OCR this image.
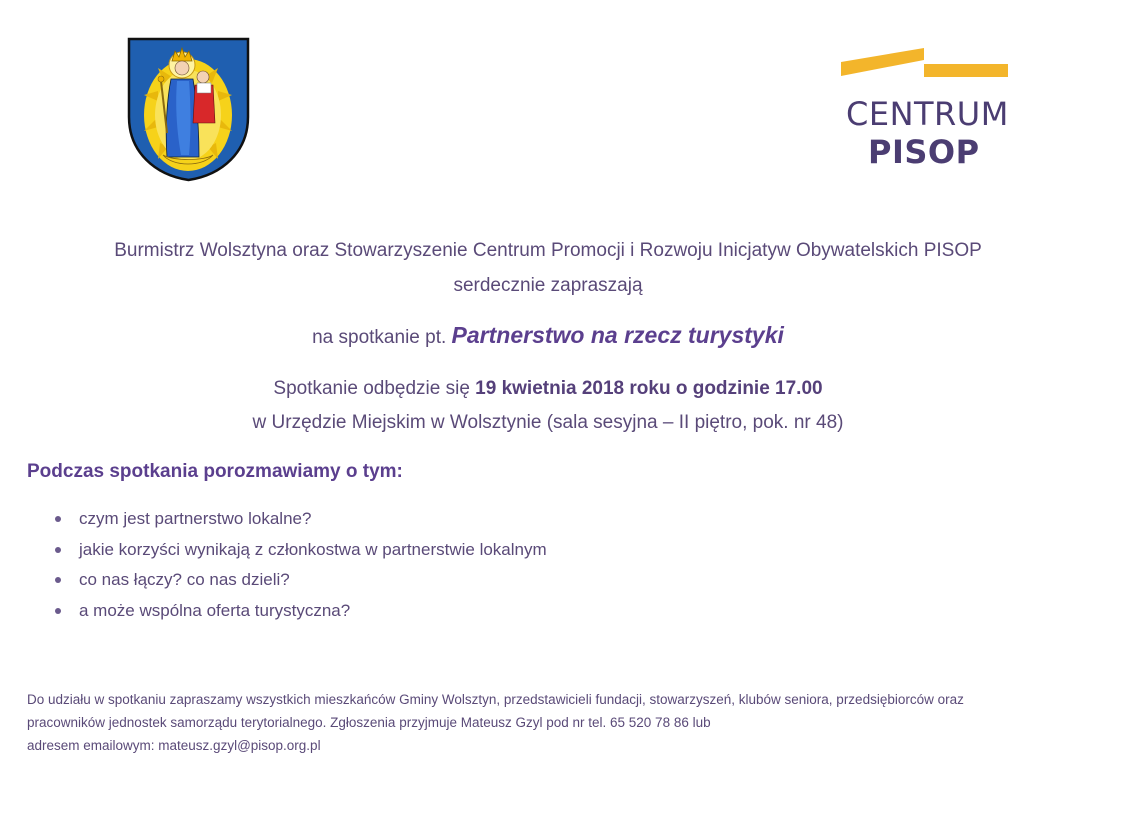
CENTRUM
PISOP
Burmistrz Wolsztyna oraz Stowarzyszenie Centrum Promocji i Rozwoju Inicjatyw Obywatelskich PISOP
serdecznie zapraszają
na spotkanie pt. Partnerstwo na rzecz turystyki
Spotkanie odbędzie się 19 kwietnia 2018 roku o godzinie 17.00
w Urzędzie Miejskim w Wolsztynie (sala sesyjna – II piętro, pok. nr 48)
Podczas spotkania porozmawiamy o tym:
czym jest partnerstwo lokalne?
jakie korzyści wynikają z członkostwa w partnerstwie lokalnym
co nas łączy? co nas dzieli?
a może wspólna oferta turystyczna?
Do udziału w spotkaniu zapraszamy wszystkich mieszkańców Gminy Wolsztyn, przedstawicieli fundacji, stowarzyszeń, klubów seniora, przedsiębiorców oraz
pracowników jednostek samorządu terytorialnego. Zgłoszenia przyjmuje Mateusz Gzyl pod nr tel. 65 520 78 86 lub
adresem emailowym: mateusz.gzyl@pisop.org.pl
